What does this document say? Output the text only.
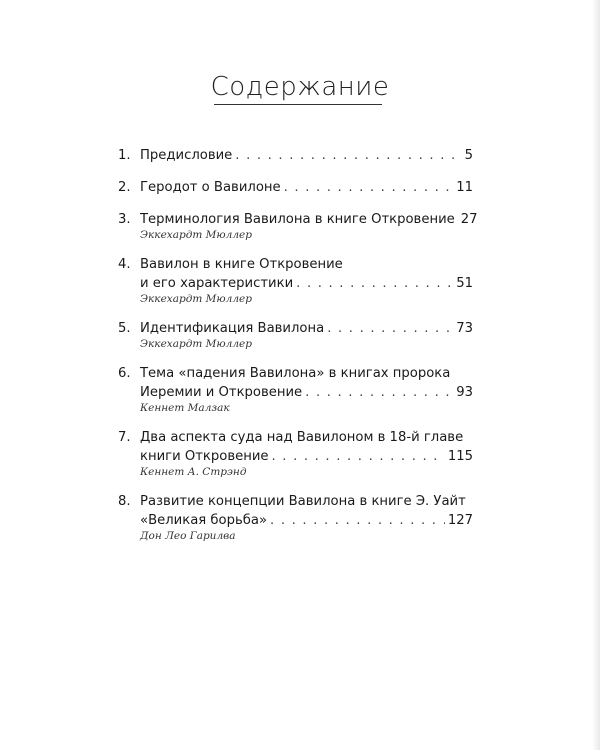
Содержание
1. Предисловие . . .	5
2. Геродот о Вавилоне . . .	11
3. Терминология Вавилона в книге Откровение 27
Эккехардт Мюллер
4. Вавилон в книге Откровение
и его характеристики . . .	51
Эккехардт Мюллер
5. Идентификация Вавилона . . .	73
Эккехардт Мюллер
6. Тема «падения Вавилона» в книгах пророка
Иеремии и Откровение . . .	93
Кеннет Малзак
7. Два аспекта суда над Вавилоном в 18-й главе
книги Откровение . . .	115
Кеннет А. Стрэнд
8. Развитие концепции Вавилона в книге Э. Уайт
«Великая борьба» . . .	127
Дон Лео Гарилва
